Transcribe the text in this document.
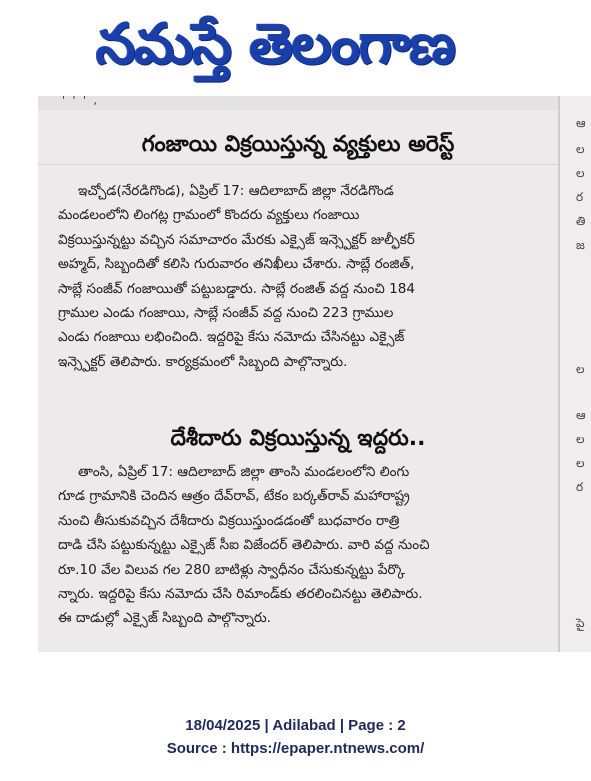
నమస్తే తెలంగాణ
' ' ' ,
ఆ
ల
ల
ర
తి
జ
ల
ఆ
ల
ల
ర
పై
గంజాయి విక్రయిస్తున్న వ్యక్తులు అరెస్ట్

ఇచ్చోడ(నేరడిగొండ), ఏప్రిల్ 17: ఆదిలాబాద్ జిల్లా నేరడిగొండ

మండలంలోని లింగట్ల గ్రామంలో కొందరు వ్యక్తులు గంజాయి

విక్రయిస్తున్నట్టు వచ్చిన సమాచారం మేరకు ఎక్సైజ్ ఇన్స్పెక్టర్ జుల్ఫీకర్

అహ్మద్, సిబ్బందితో కలిసి గురువారం తనిఖీలు చేశారు. సాబ్లే రంజిత్,

సాబ్లే సంజీవ్ గంజాయితో పట్టుబడ్డారు. సాబ్లే రంజిత్ వద్ద నుంచి 184

గ్రాముల ఎండు గంజాయి, సాబ్లే సంజీవ్ వద్ద నుంచి 223 గ్రాముల

ఎండు గంజాయి లభించింది. ఇద్దరిపై కేసు నమోదు చేసినట్టు ఎక్సైజ్

ఇన్స్పెక్టర్ తెలిపారు. కార్యక్రమంలో సిబ్బంది పాల్గొన్నారు.

దేశీదారు విక్రయిస్తున్న ఇద్దరు..

తాంసి, ఏప్రిల్ 17: ఆదిలాబాద్ జిల్లా తాంసి మండలంలోని లింగు

గూడ గ్రామానికి చెందిన ఆత్రం దేవ్‌రావ్, టేకం బర్కత్‌రావ్ మహారాష్ట్ర

నుంచి తీసుకువచ్చిన దేశీదారు విక్రయిస్తుండడంతో బుధవారం రాత్రి

దాడి చేసి పట్టుకున్నట్టు ఎక్సైజ్ సీఐ విజేందర్ తెలిపారు. వారి వద్ద నుంచి

రూ.10 వేల విలువ గల 280 బాటిళ్లు స్వాధీనం చేసుకున్నట్టు పేర్కొ

న్నారు. ఇద్దరిపై కేసు నమోదు చేసి రిమాండ్‌కు తరలించినట్టు తెలిపారు.

ఈ దాడుల్లో ఎక్సైజ్ సిబ్బంది పాల్గొన్నారు.

18/04/2025 | Adilabad | Page : 2
Source : https://epaper.ntnews.com/
